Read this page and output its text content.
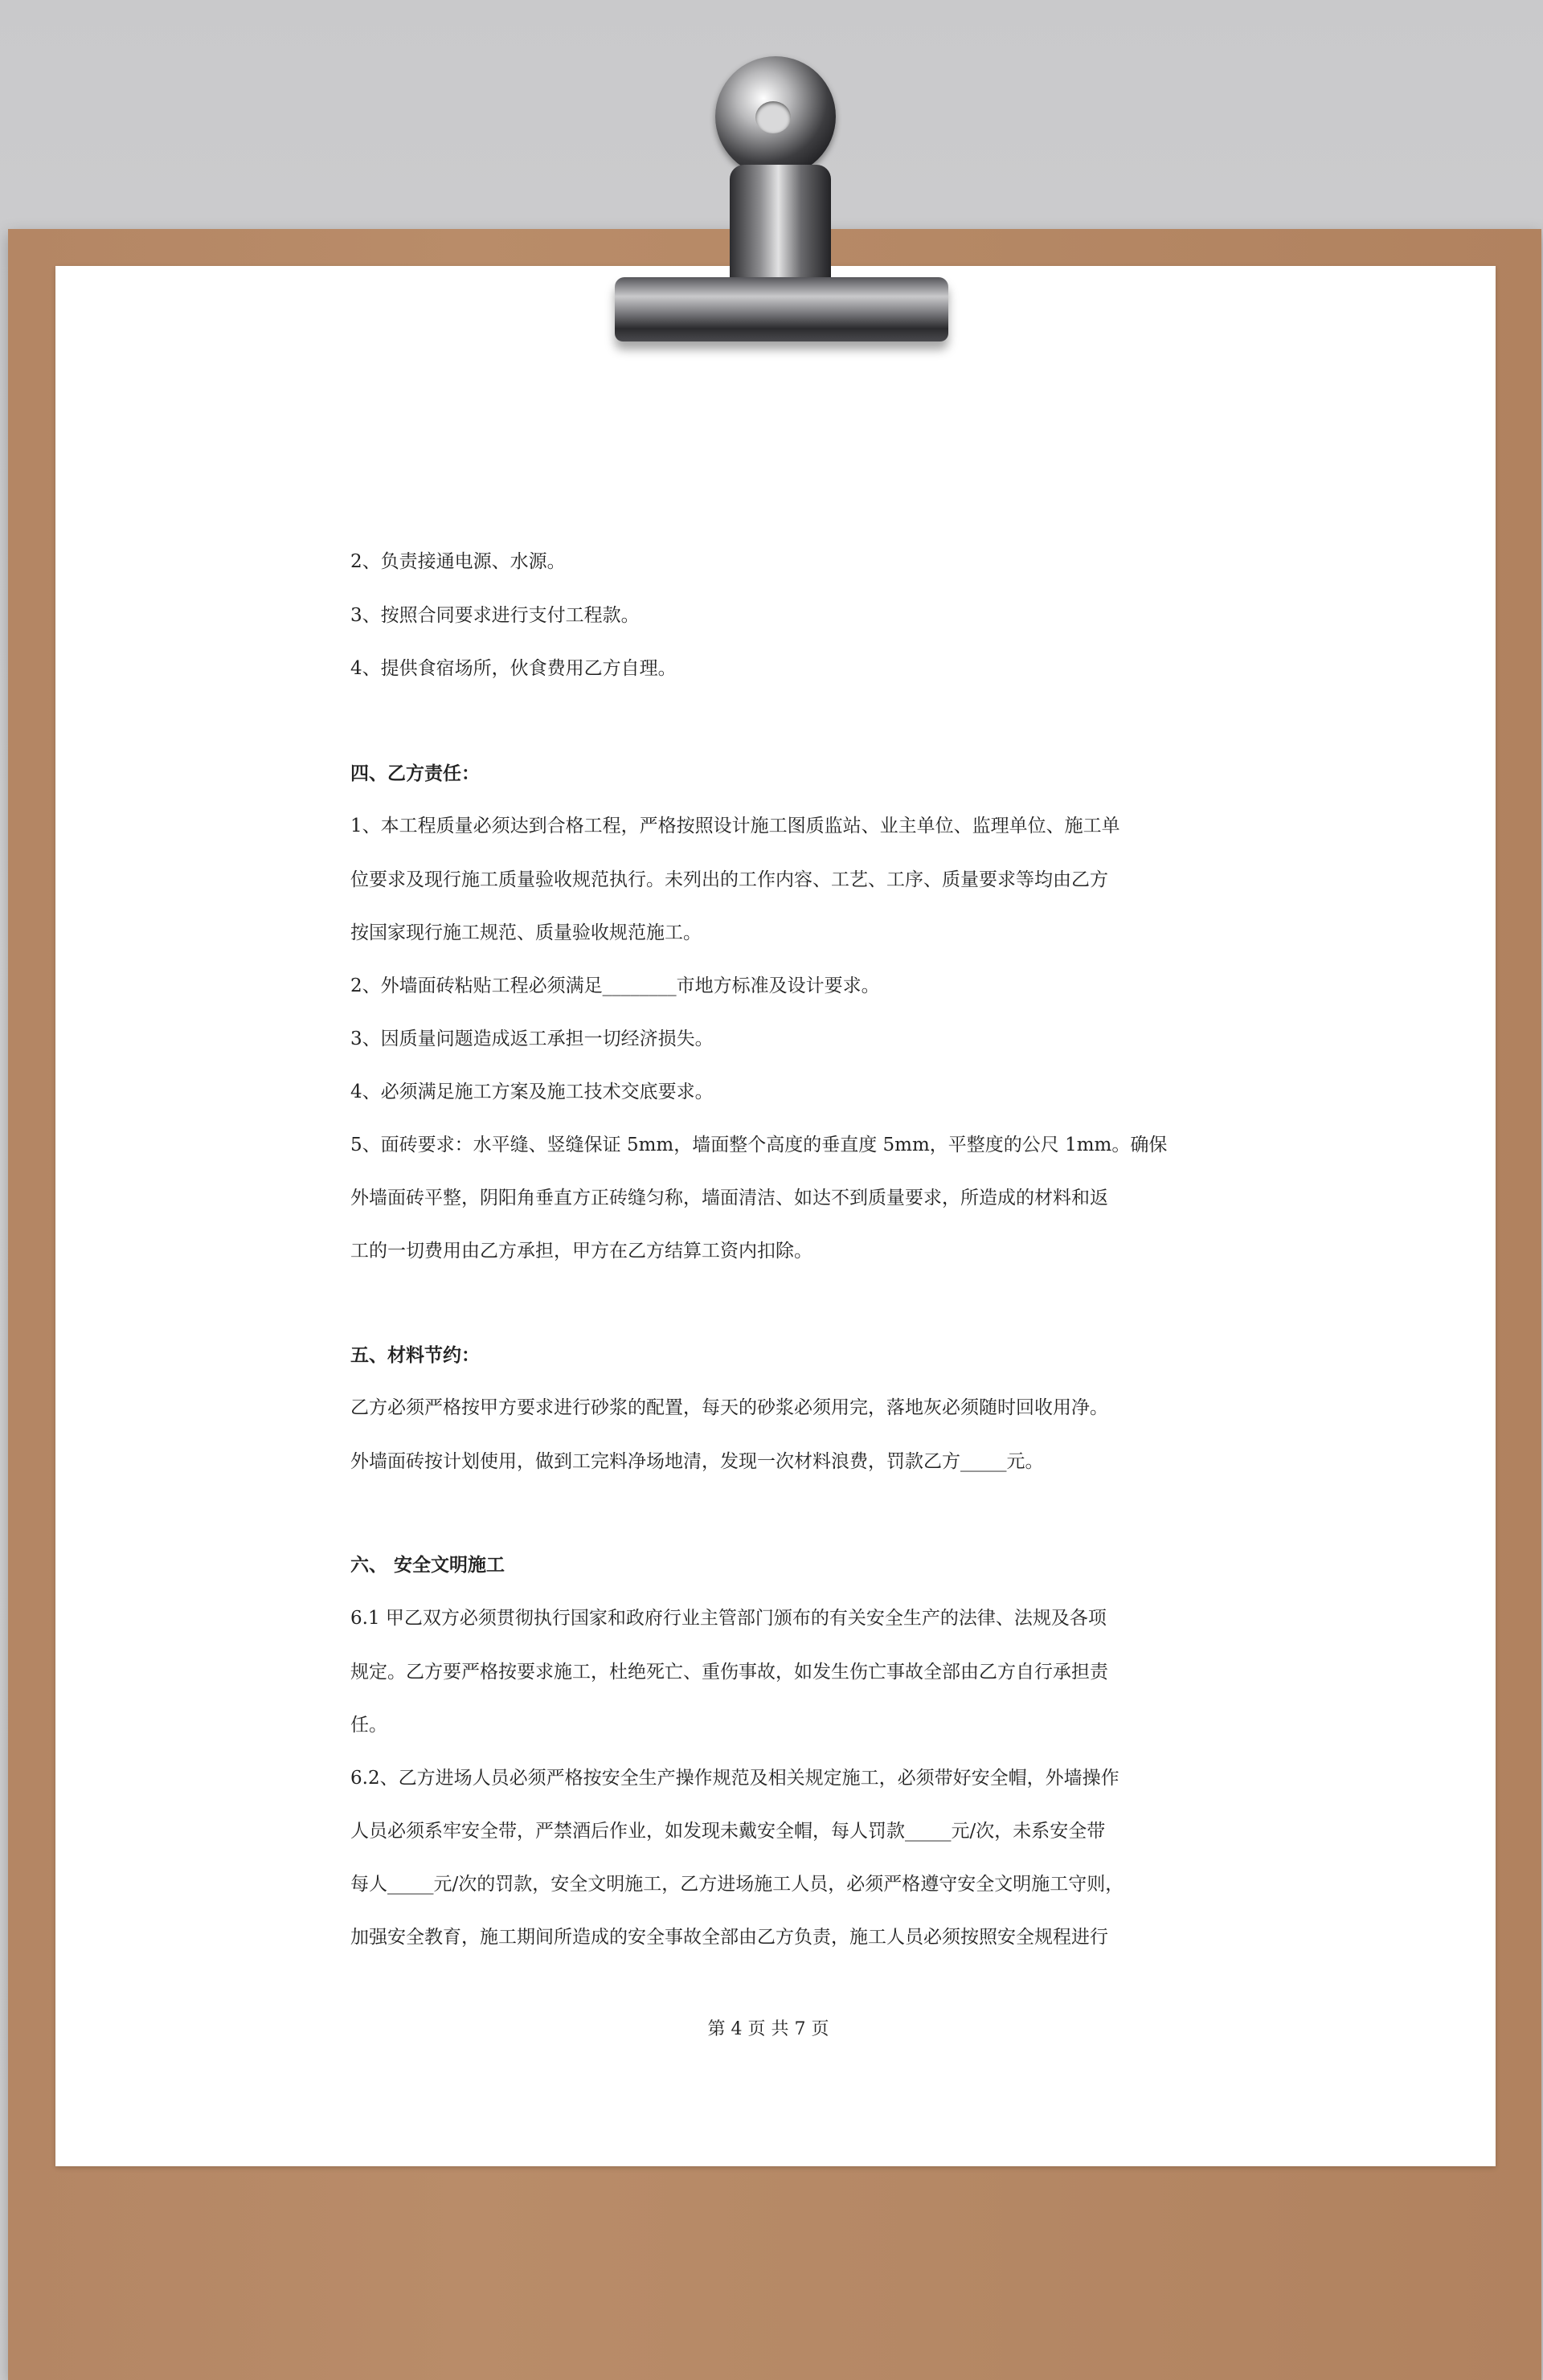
2、负责接通电源、水源。
3、按照合同要求进行支付工程款。
4、提供食宿场所，伙食费用乙方自理。
四、乙方责任：
1、本工程质量必须达到合格工程，严格按照设计施工图质监站、业主单位、监理单位、施工单
位要求及现行施工质量验收规范执行。未列出的工作内容、工艺、工序、质量要求等均由乙方
按国家现行施工规范、质量验收规范施工。
2、外墙面砖粘贴工程必须满足________市地方标准及设计要求。
3、因质量问题造成返工承担一切经济损失。
4、必须满足施工方案及施工技术交底要求。
5、面砖要求：水平缝、竖缝保证 5mm，墙面整个高度的垂直度 5mm，平整度的公尺 1mm。确保
外墙面砖平整，阴阳角垂直方正砖缝匀称，墙面清洁、如达不到质量要求，所造成的材料和返
工的一切费用由乙方承担，甲方在乙方结算工资内扣除。
五、材料节约：
乙方必须严格按甲方要求进行砂浆的配置，每天的砂浆必须用完，落地灰必须随时回收用净。
外墙面砖按计划使用，做到工完料净场地清，发现一次材料浪费，罚款乙方_____元。
六、 安全文明施工
6.1 甲乙双方必须贯彻执行国家和政府行业主管部门颁布的有关安全生产的法律、法规及各项
规定。乙方要严格按要求施工，杜绝死亡、重伤事故，如发生伤亡事故全部由乙方自行承担责
任。
6.2、乙方进场人员必须严格按安全生产操作规范及相关规定施工，必须带好安全帽，外墙操作
人员必须系牢安全带，严禁酒后作业，如发现未戴安全帽，每人罚款_____元/次，未系安全带
每人_____元/次的罚款，安全文明施工，乙方进场施工人员，必须严格遵守安全文明施工守则，
加强安全教育，施工期间所造成的安全事故全部由乙方负责，施工人员必须按照安全规程进行
第 4 页 共 7 页
